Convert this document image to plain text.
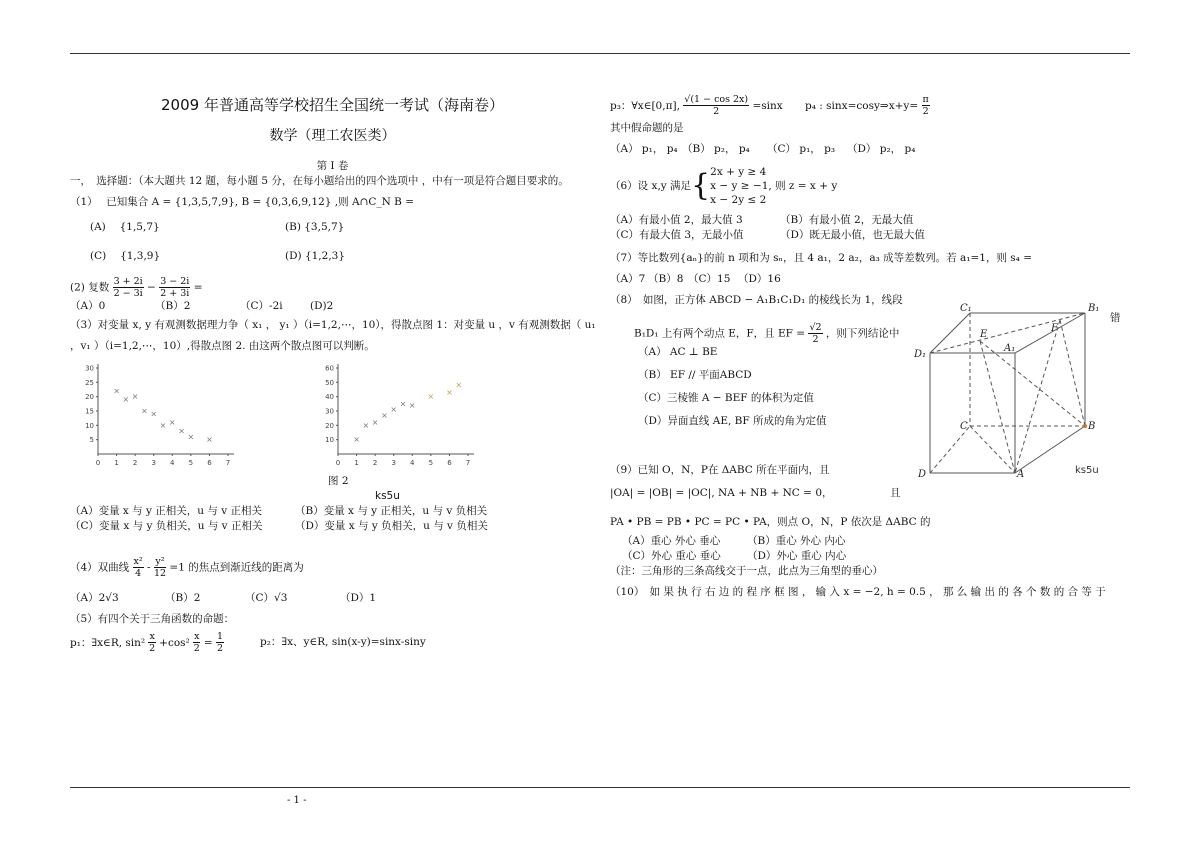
2009 年普通高等学校招生全国统一考试（海南卷）

数学（理工农医类）

第 I 卷

一，　选择题：（本大题共 12 题，每小题 5 分，在每小题给出的四个选项中 ，中有一项是符合题目要求的。

（1）　 已知集合 A = {1,3,5,7,9}, B = {0,3,6,9,12} ,则 A∩C_N B =

(A)　 {1,5,7}	(B) {3,5,7}
(C)　 {1,3,9}	(D) {1,2,3}
(2) 复数 $\frac{3 + 2i}{2 - 3i} - \frac{3 - 2i}{2 + 3i}$ =
（A）0	（B）2	（C）-2i	(D)2

（3）对变量 x, y 有观测数据理力争（ x₁ ， y₁ ）（i=1,2,⋯，10），得散点图 1：对变量 u ，v 有观测数据（ u₁

，v₁ ）（i=1,2,⋯，10）,得散点图 2. 由这两个散点图可以判断。

0 1 2 3 4 5 6 7
5
10
15
20
25
30
×
× ×
× ×
× ×
×
× ×
0 1 2 3 4 5 6 7
10
20
30
40
50
60
×
× ×
×
×
× ×
× ×
×

图 2

ks5u

（A）变量 x 与 y 正相关，u 与 v 正相关	（B）变量 x 与 y 正相关，u 与 v 负相关
（C）变量 x 与 y 负相关，u 与 v 正相关	（D）变量 x 与 y 负相关，u 与 v 负相关
（4）双曲线 $\frac{\text{x²}}{4} - \frac{\text{y²}}{12} =1$ 的焦点到渐近线的距离为
（A）2√3	（B）2	（C）√3	（D）1

（5）有四个关于三角函数的命题：

p₁：∃x∈R, $\sin^2 \frac{x}{2} +\cos^2 \frac{x}{2} = \frac{1}{2}$	p₂：∃x、y∈R, sin(x-y)=sinx-siny
p₃：∀x∈[0,π], $\frac{√(1 - \cos 2x)}{2} =\sin x$	p₄ : sinx=cosy⇒x+y= $\frac{\pi}{2}$

其中假命题的是

（A） p₁， p₄ （B） p₂， p₄	（C） p₁， p₃	（D） p₂， p₄
（6）设 x,y 满足 { 2x + y ≥ 4
x − y ≥ −1, 则 z = x + y
x − 2y ≤ 2
（A）有最小值 2，最大值 3	（B）有最小值 2，无最大值
（C）有最大值 3，无最小值	（D）既无最小值，也无最大值

（7）等比数列{aₙ}的前 n 项和为 sₙ，且 4 a₁，2 a₂，a₃ 成等差数列。若 a₁=1，则 s₄ =

（A）7 （B）8 （C）15 （D）16

（8）　如图，正方体 ABCD − A₁B₁C₁D₁ 的棱线长为 1，线段

B₁D₁ 上有两个动点 E，F，且 EF = $\frac{√2}{2}$ ，则下列结论中

（A） AC ⊥ BE

（B） EF // 平面ABCD

（C）三棱锥 A − BEF 的体积为定值

（D）异面直线 AE, BF 所成的角为定值

错
C₁	B₁
D₁
A₁
E
F
C	B
D	A	ks5u

（9）已知 O，N，P在 ΔABC 所在平面内，且

|OA| = |OB| = |OC|, NA + NB + NC = 0，	且

PA • PB = PB • PC = PC • PA，则点 O，N，P 依次是 ΔABC 的

（A）重心 外心 垂心	（B）重心 外心 内心
（C）外心 重心 垂心	（D）外心 重心 内心

（注：三角形的三条高线交于一点，此点为三角型的垂心）

（10）　如 果 执 行 右 边 的 程 序 框 图 ， 输 入 x = −2, h = 0.5 ， 那 么 输 出 的 各 个 数 的 合 等 于

- 1 -
